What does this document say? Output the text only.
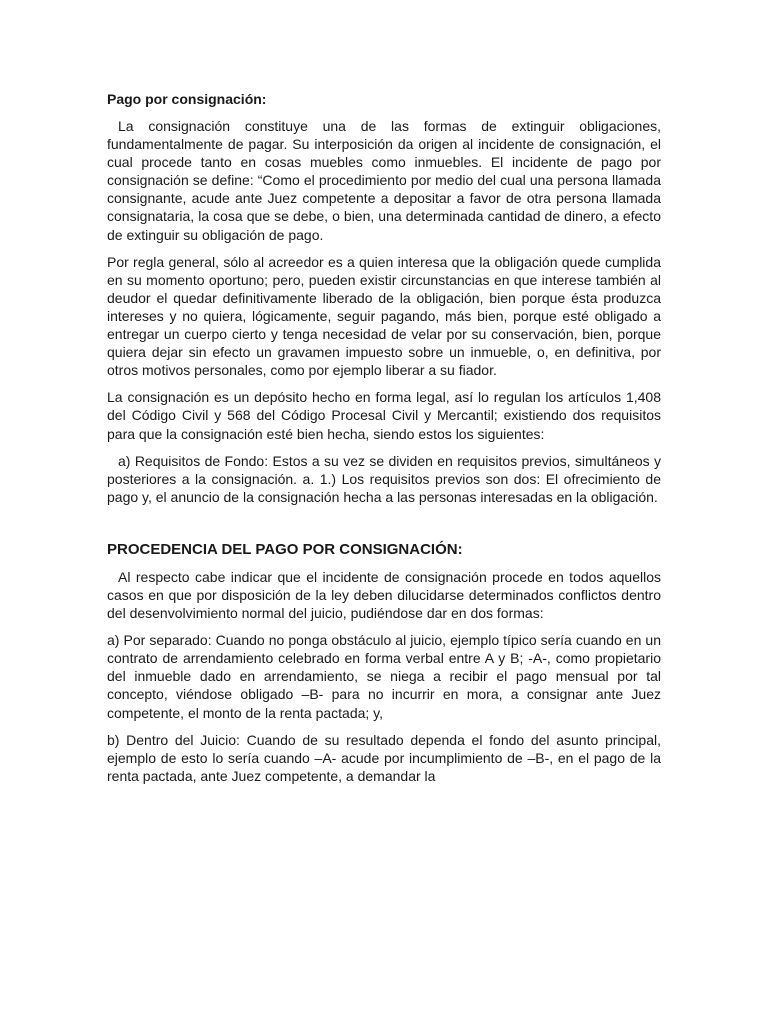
Pago por consignación:

La consignación constituye una de las formas de extinguir obligaciones, fundamentalmente de pagar. Su interposición da origen al incidente de consignación, el cual procede tanto en cosas muebles como inmuebles. El incidente de pago por consignación se define: “Como el procedimiento por medio del cual una persona llamada consignante, acude ante Juez competente a depositar a favor de otra persona llamada consignataria, la cosa que se debe, o bien, una determinada cantidad de dinero, a efecto de extinguir su obligación de pago.

Por regla general, sólo al acreedor es a quien interesa que la obligación quede cumplida en su momento oportuno; pero, pueden existir circunstancias en que interese también al deudor el quedar definitivamente liberado de la obligación, bien porque ésta produzca intereses y no quiera, lógicamente, seguir pagando, más bien, porque esté obligado a entregar un cuerpo cierto y tenga necesidad de velar por su conservación, bien, porque quiera dejar sin efecto un gravamen impuesto sobre un inmueble, o, en definitiva, por otros motivos personales, como por ejemplo liberar a su fiador.

La consignación es un depósito hecho en forma legal, así lo regulan los artículos 1,408 del Código Civil y 568 del Código Procesal Civil y Mercantil; existiendo dos requisitos para que la consignación esté bien hecha, siendo estos los siguientes:

a) Requisitos de Fondo: Estos a su vez se dividen en requisitos previos, simultáneos y posteriores a la consignación. a. 1.) Los requisitos previos son dos: El ofrecimiento de pago y, el anuncio de la consignación hecha a las personas interesadas en la obligación.

PROCEDENCIA DEL PAGO POR CONSIGNACIÓN:

Al respecto cabe indicar que el incidente de consignación procede en todos aquellos casos en que por disposición de la ley deben dilucidarse determinados conflictos dentro del desenvolvimiento normal del juicio, pudiéndose dar en dos formas:

a) Por separado: Cuando no ponga obstáculo al juicio, ejemplo típico sería cuando en un contrato de arrendamiento celebrado en forma verbal entre A y B; -A-, como propietario del inmueble dado en arrendamiento, se niega a recibir el pago mensual por tal concepto, viéndose obligado –B- para no incurrir en mora, a consignar ante Juez competente, el monto de la renta pactada; y,

b) Dentro del Juicio: Cuando de su resultado dependa el fondo del asunto principal, ejemplo de esto lo sería cuando –A- acude por incumplimiento de –B-, en el pago de la renta pactada, ante Juez competente, a demandar la
